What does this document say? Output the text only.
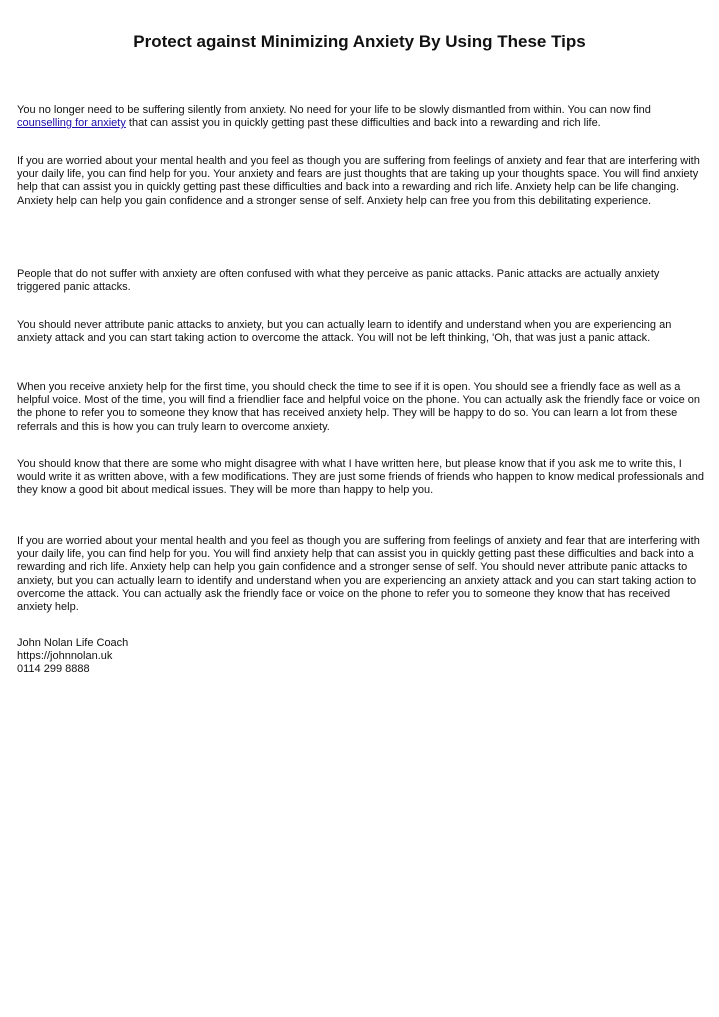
Protect against Minimizing Anxiety By Using These Tips

You no longer need to be suffering silently from anxiety. No need for your life to be slowly dismantled from within. You can now find counselling for anxiety that can assist you in quickly getting past these difficulties and back into a rewarding and rich life.

If you are worried about your mental health and you feel as though you are suffering from feelings of anxiety and fear that are interfering with your daily life, you can find help for you. Your anxiety and fears are just thoughts that are taking up your thoughts space. You will find anxiety help that can assist you in quickly getting past these difficulties and back into a rewarding and rich life. Anxiety help can be life changing. Anxiety help can help you gain confidence and a stronger sense of self. Anxiety help can free you from this debilitating experience.

People that do not suffer with anxiety are often confused with what they perceive as panic attacks. Panic attacks are actually anxiety triggered panic attacks.

You should never attribute panic attacks to anxiety, but you can actually learn to identify and understand when you are experiencing an anxiety attack and you can start taking action to overcome the attack. You will not be left thinking, 'Oh, that was just a panic attack.

When you receive anxiety help for the first time, you should check the time to see if it is open. You should see a friendly face as well as a helpful voice. Most of the time, you will find a friendlier face and helpful voice on the phone. You can actually ask the friendly face or voice on the phone to refer you to someone they know that has received anxiety help. They will be happy to do so. You can learn a lot from these referrals and this is how you can truly learn to overcome anxiety.

You should know that there are some who might disagree with what I have written here, but please know that if you ask me to write this, I would write it as written above, with a few modifications. They are just some friends of friends who happen to know medical professionals and they know a good bit about medical issues. They will be more than happy to help you.

If you are worried about your mental health and you feel as though you are suffering from feelings of anxiety and fear that are interfering with your daily life, you can find help for you. You will find anxiety help that can assist you in quickly getting past these difficulties and back into a rewarding and rich life. Anxiety help can help you gain confidence and a stronger sense of self. You should never attribute panic attacks to anxiety, but you can actually learn to identify and understand when you are experiencing an anxiety attack and you can start taking action to overcome the attack. You can actually ask the friendly face or voice on the phone to refer you to someone they know that has received anxiety help.

John Nolan Life Coach
https://johnnolan.uk
0114 299 8888
